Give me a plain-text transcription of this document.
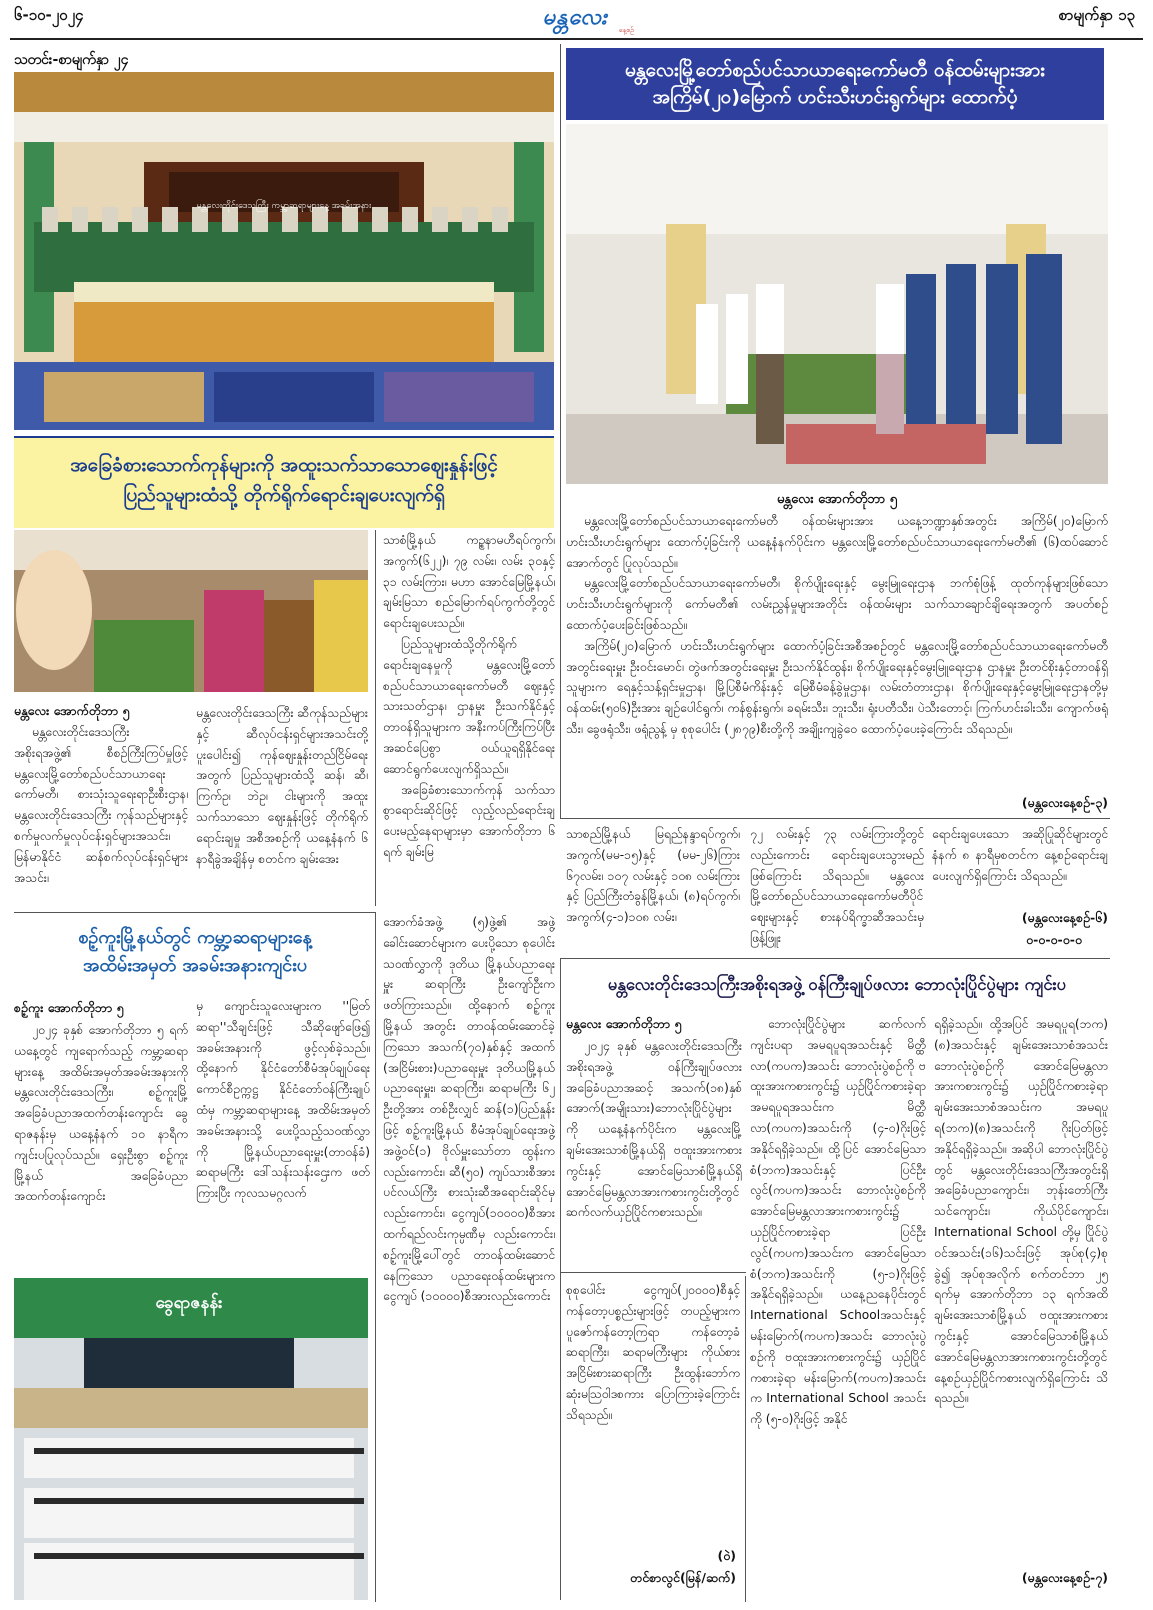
၆-၁၀-၂၀၂၄	မန္တလေး	နေ့စဉ်
စာမျက်နှာ ၁၃
သတင်း-စာမျက်နှာ ၂၄
မန္တလေးတိုင်းဒေသကြီး ကမ္ဘာ့ဆရာများနေ့ အခမ်းအနား
မန္တလေးမြို့တော်စည်ပင်သာယာရေးကော်မတီ ဝန်ထမ်းများအား
အကြိမ်(၂၀)မြောက် ဟင်းသီးဟင်းရွက်များ ထောက်ပံ့
မန္တလေး အောက်တိုဘာ ၅

မန္တလေးမြို့တော်စည်ပင်သာယာရေးကော်မတီ ဝန်ထမ်းများအား ယနေ့ဘဏ္ဍာနှစ်အတွင်း အကြိမ်(၂၀)မြောက် ဟင်းသီးဟင်းရွက်များ ထောက်ပံ့ခြင်းကို ယနေ့နံနက်ပိုင်းက မန္တလေးမြို့တော်စည်ပင်သာယာရေးကော်မတီ၏ (၆)ထပ်ဆောင်အောက်တွင် ပြုလုပ်သည်။

မန္တလေးမြို့တော်စည်ပင်သာယာရေးကော်မတီ၊ စိုက်ပျိုးရေးနှင့် မွေးမြူရေးဌာန ဘက်စုံဖြန့် ထုတ်ကုန်များဖြစ်သော ဟင်းသီးဟင်းရွက်များကို ကော်မတီ၏ လမ်းညွှန်မှုများအတိုင်း ဝန်ထမ်းများ သက်သာချောင်ချိရေးအတွက် အပတ်စဉ် ထောက်ပံ့ပေးခြင်းဖြစ်သည်။

အကြိမ်(၂၀)မြောက် ဟင်းသီးဟင်းရွက်များ ထောက်ပံ့ခြင်းအစီအစဉ်တွင် မန္တလေးမြို့တော်စည်ပင်သာယာရေးကော်မတီ အတွင်းရေးမှူး ဦးဝင်းမောင်၊ တွဲဖက်အတွင်းရေးမှူး ဦးသက်နိုင်ထွန်း၊ စိုက်ပျိုးရေးနှင့်မွေးမြူရေးဌာန ဌာနမှူး ဦးတင်စိုးနှင့်တာဝန်ရှိသူများက ရေနှင့်သန့်ရှင်းမှုဌာန၊ မြို့ပြစီမံကိန်းနှင့် မြေစီမံခန့်ခွဲမှုဌာန၊ လမ်းတံတားဌာန၊ စိုက်ပျိုးရေးနှင့်မွေးမြူရေးဌာနတို့မှ ဝန်ထမ်း(၅၀၆)ဦးအား ချဉ်ပေါင်ရွက်၊ ကန်စွန်းရွက်၊ ခရမ်းသီး၊ ဘူးသီး၊ ရုံးပတီသီး၊ ပဲသီးတောင့်၊ ကြက်ဟင်းခါးသီး၊ ကျောက်ဖရုံသီး၊ ခွေဖရုံသီး၊ ဖရုံညွန့် မှ စုစုပေါင်း (၂၈၇၉)စီးတို့ကို အချိုးကျခွဲဝေ ထောက်ပံ့ပေးခဲ့ကြောင်း သိရသည်။

(မန္တလေးနေ့စဉ်-၃)
အခြေခံစားသောက်ကုန်များကို အထူးသက်သာသောဈေးနှုန်းဖြင့်
ပြည်သူများထံသို့ တိုက်ရိုက်ရောင်းချပေးလျက်ရှိ
မန္တလေး အောက်တိုဘာ ၅

မန္တလေးတိုင်းဒေသကြီး အစိုးရအဖွဲ့၏ စီစဉ်ကြီးကြပ်မှုဖြင့် မန္တလေးမြို့တော်စည်ပင်သာယာရေးကော်မတီ၊ စားသုံးသူရေးရာဦးစီးဌာန၊ မန္တလေးတိုင်းဒေသကြီး ကုန်သည်များနှင့် စက်မှုလက်မှုလုပ်ငန်းရှင်များအသင်း၊ မြန်မာနိုင်ငံ ဆန်စက်လုပ်ငန်းရှင်များအသင်း၊

မန္တလေးတိုင်းဒေသကြီး ဆီကုန်သည်များနှင့် ဆီလုပ်ငန်းရှင်များအသင်းတို့ပူးပေါင်း၍ ကုန်ဈေးနှုန်းတည်ငြိမ်ရေးအတွက် ပြည်သူများထံသို့ ဆန်၊ ဆီ၊ ကြက်ဥ၊ ဘဲဥ၊ ငါးများကို အထူးသက်သာသော ဈေးနှုန်းဖြင့် တိုက်ရိုက်ရောင်းချမှု အစီအစဉ်ကို ယနေ့နံနက် ၆ နာရီခွဲအချိန်မှ စတင်က ချမ်းအေး

သာစံမြို့နယ် ကဥ္စနာမဟီရပ်ကွက်၊ အကွက်(၆၂၂)၊ ၇၉ လမ်း၊ လမ်း ၃၀နှင့် ၃၁ လမ်းကြား၊ မဟာ အောင်မြေမြို့နယ်၊ ချမ်းမြသာ စည်မြောက်ရပ်ကွက်တို့တွင် ရောင်းချပေးသည်။

ပြည်သူများထံသို့တိုက်ရိုက် ရောင်းချနေမှုကို မန္တလေးမြို့တော်စည်ပင်သာယာရေးကော်မတီ ဈေးနှင့်သားသတ်ဌာန၊ ဌာနမှူး ဦးသက်နိုင်နှင့် တာဝန်ရှိသူများက အနီးကပ်ကြီးကြပ်ပြီးအဆင်ပြေစွာ ဝယ်ယူရရှိနိုင်ရေးဆောင်ရွက်ပေးလျက်ရှိသည်။

အခြေခံစားသောက်ကုန် သက်သာစွာရောင်းဆိုင်ဖြင့် လှည့်လည်ရောင်းချပေးမည့်နေရာများမှာ အောက်တိုဘာ ၆ ရက် ချမ်းမြ

သာစည်မြို့နယ် မြရည်နန္ဒာရပ်ကွက်၊ အကွက်(မမ-၁၅)နှင့် (မမ-၂၆)ကြား ၆၇လမ်း၊ ၁၀၇ လမ်းနှင့် ၁၀၈ လမ်းကြားနှင့် ပြည်ကြီးတံခွန်မြို့နယ်၊ (၈)ရပ်ကွက်၊ အကွက်(၄-၁)၁၀၈ လမ်း၊

၇၂ လမ်းနှင့် ၇၃ လမ်းကြားတို့တွင် လည်းကောင်း ရောင်းချပေးသွားမည်ဖြစ်ကြောင်း သိရသည်။ မန္တလေးမြို့တော်စည်ပင်သာယာရေးကော်မတီပိုင်ဈေးများနှင့် စားနပ်ရိက္ခာဆီအသင်းမှ ဖြန့်ဖြူး

ရောင်းချပေးသော အဆိုပြုဆိုင်များတွင် နံနက် ၈ နာရီမှစတင်က နေ့စဉ်ရောင်းချပေးလျက်ရှိကြောင်း သိရသည်။

(မန္တလေးနေ့စဉ်-၆)
၀-၀-၀-၀-၀
စဉ့်ကူးမြို့နယ်တွင် ကမ္ဘာ့ဆရာများနေ့
အထိမ်းအမှတ် အခမ်းအနားကျင်းပ
စဉ့်ကူး အောက်တိုဘာ ၅

၂၀၂၄ ခုနှစ် အောက်တိုဘာ ၅ ရက် ယနေ့တွင် ကျရောက်သည့် ကမ္ဘာ့ဆရာများနေ့ အထိမ်းအမှတ်အခမ်းအနားကို မန္တလေးတိုင်းဒေသကြီး၊ စဉ့်ကူးမြို့ အခြေခံပညာအထက်တန်းကျောင်း ခွေရာဇနန်းမှ ယနေ့နံနက် ၁၀ နာရီက ကျင်းပပြုလုပ်သည်။ ရှေးဦးစွာ စဉ့်ကူးမြို့နယ် အခြေခံပညာအထက်တန်းကျောင်း

မှ ကျောင်းသူလေးများက ''မြတ်ဆရာ''သီချင်းဖြင့် သီဆိုဖျော်ဖြေ၍ အခမ်းအနားကို ဖွင့်လှစ်ခဲ့သည်။ ထို့နောက် နိုင်ငံတော်စီမံအုပ်ချုပ်ရေးကောင်စီဥက္ကဋ္ဌ နိုင်ငံတော်ဝန်ကြီးချုပ်ထံမှ ကမ္ဘာ့ဆရာများနေ့ အထိမ်းအမှတ်အခမ်းအနားသို့ ပေးပို့သည့်သဝဏ်လွှာကို မြို့နယ်ပညာရေးမှူး(တာဝန်ခံ) ဆရာမကြီး ဒေါ်သန်းသန်းဌေးက ဖတ်ကြားပြီး ကုလသမဂ္ဂလက်

အောက်ခံအဖွဲ့ (၅)ဖွဲ့၏ အဖွဲ့ ခေါင်းဆောင်များက ပေးပို့သော စုပေါင်းသဝဏ်လွှာကို ဒုတိယ မြို့နယ်ပညာရေးမှူး ဆရာကြီး ဦးကျော်ဦးက ဖတ်ကြားသည်။ ထို့နောက် စဉ့်ကူးမြို့နယ် အတွင်း တာဝန်ထမ်းဆောင်ခဲ့ကြသော အသက်(၇၀)နှစ်နှင့် အထက် (အငြိမ်းစား)ပညာရေးမှူး ဒုတိယမြို့နယ်ပညာရေးမှူး၊ ဆရာကြီး၊ ဆရာမကြီး ၆၂ ဦးတို့အား တစ်ဦးလျှင် ဆန်(၁)ပြည်နှုန်းဖြင့် စဉ့်ကူးမြို့နယ် စီမံအုပ်ချုပ်ရေးအဖွဲ့ အဖွဲ့ဝင်(၁) ဗိုလ်မှူးသော်တာ ထွန်းကလည်းကောင်း၊ ဆီ(၅၀) ကျပ်သားစီအား ပင်လယ်ကြီး စားသုံးဆီအရောင်းဆိုင်မှ လည်းကောင်း၊ ငွေကျပ်(၁၀၀၀၀)စီအား ထက်ရည်လင်းကုမ္ပဏီမှ လည်းကောင်း၊ စဉ့်ကူးမြို့ပေါ်တွင် တာဝန်ထမ်းဆောင်နေကြသော ပညာရေးဝန်ထမ်းများက ငွေကျပ် (၁၀၀၀၀)စီအားလည်းကောင်း

ခွေရာဇနန်း
မန္တလေးတိုင်းဒေသကြီးအစိုးရအဖွဲ့ ဝန်ကြီးချုပ်ဖလား ဘောလုံးပြိုင်ပွဲများ ကျင်းပ
မန္တလေး အောက်တိုဘာ ၅

၂၀၂၄ ခုနှစ် မန္တလေးတိုင်းဒေသကြီးအစိုးရအဖွဲ့ ဝန်ကြီးချုပ်ဖလား အခြေခံပညာအဆင့် အသက်(၁၈)နှစ်အောက်(အမျိုးသား)ဘောလုံးပြိုင်ပွဲများကို ယနေ့နံနက်ပိုင်းက မန္တလေးမြို့ ချမ်းအေးသာစံမြို့နယ်ရှိ ဗထူးအားကစားကွင်းနှင့် အောင်မြေသာစံမြို့နယ်ရှိ အောင်မြေမန္တလာအားကစားကွင်းတို့တွင် ဆက်လက်ယှဉ်ပြိုင်ကစားသည်။

ဘောလုံးပြိုင်ပွဲများ ဆက်လက်ကျင်းပရာ အမရပူရအသင်းနှင့် မိတ္ထီလာ(ကပက)အသင်း ဘောလုံးပွဲစဉ်ကို ဗထူးအားကစားကွင်း၌ ယှဉ်ပြိုင်ကစားခဲ့ရာ အမရပူရအသင်းက မိတ္ထီလာ(ကပက)အသင်းကို (၄-၀)ဂိုးဖြင့် အနိုင်ရရှိခဲ့သည်။ ထို့ပြင် အောင်မြေသာစံ(ဘက)အသင်းနှင့် ပြင်ဦးလွင်(ကပက)အသင်း ဘောလုံးပွဲစဉ်ကို အောင်မြေမန္တလာအားကစားကွင်း၌ ယှဉ်ပြိုင်ကစားခဲ့ရာ ပြင်ဦးလွင်(ကပက)အသင်းက အောင်မြေသာစံ(ဘက)အသင်းကို (၅-၁)ဂိုးဖြင့် အနိုင်ရရှိခဲ့သည်။ ယနေ့ညနေပိုင်းတွင် International Schoolအသင်းနှင့် မန်းမြောက်(ကပက)အသင်း ဘောလုံးပွဲစဉ်ကို ဗထူးအားကစားကွင်း၌ ယှဉ်ပြိုင်ကစားခဲ့ရာ မန်းမြောက်(ကပက)အသင်းက International School အသင်းကို (၅-၀)ဂိုးဖြင့် အနိုင်

ရရှိခဲ့သည်။ ထို့အပြင် အမရပူရ(ဘက)(၈)အသင်းနှင့် ချမ်းအေးသာစံအသင်း ဘောလုံးပွဲစဉ်ကို အောင်မြေမန္တလာအားကစားကွင်း၌ ယှဉ်ပြိုင်ကစားခဲ့ရာ ချမ်းအေးသာစံအသင်းက အမရပူရ(ဘက)(၈)အသင်းကို ဂိုးပြတ်ဖြင့် အနိုင်ရရှိခဲ့သည်။ အဆိုပါ ဘောလုံးပြိုင်ပွဲတွင် မန္တလေးတိုင်းဒေသကြီးအတွင်းရှိ အခြေခံပညာကျောင်း၊ ဘုန်းတော်ကြီးသင်ကျောင်း၊ ကိုယ်ပိုင်ကျောင်း၊ International School တို့မှ ပြိုင်ပွဲဝင်အသင်း(၁၆)သင်းဖြင့် အုပ်စု(၄)စုခွဲ၍ အုပ်စုအလိုက် စက်တင်ဘာ ၂၅ ရက်မှ အောက်တိုဘာ ၁၃ ရက်အထိ ချမ်းအေးသာစံမြို့နယ် ဗထူးအားကစားကွင်းနှင့် အောင်မြေသာစံမြို့နယ် အောင်မြေမန္တလာအားကစားကွင်းတို့တွင် နေ့စဉ်ယှဉ်ပြိုင်ကစားလျက်ရှိကြောင်း သိရသည်။

(မန္တလေးနေ့စဉ်-၇)

စုစုပေါင်း ငွေကျပ်(၂၀၀၀၀)စီနှင့် ကန်တော့ပစ္စည်းများဖြင့် တပည့်များက ပူဇော်ကန်တော့ကြရာ ကန်တော့ခံဆရာကြီး၊ ဆရာမကြီးများ ကိုယ်စား အငြိမ်းစားဆရာကြီး ဦးထွန်းဘော်က ဆုံးမဩဝါဒစကား ပြောကြားခဲ့ကြောင်း သိရသည်။

(ဝဲ)
တင်စာလွင်(မြန်/ဆက်)
